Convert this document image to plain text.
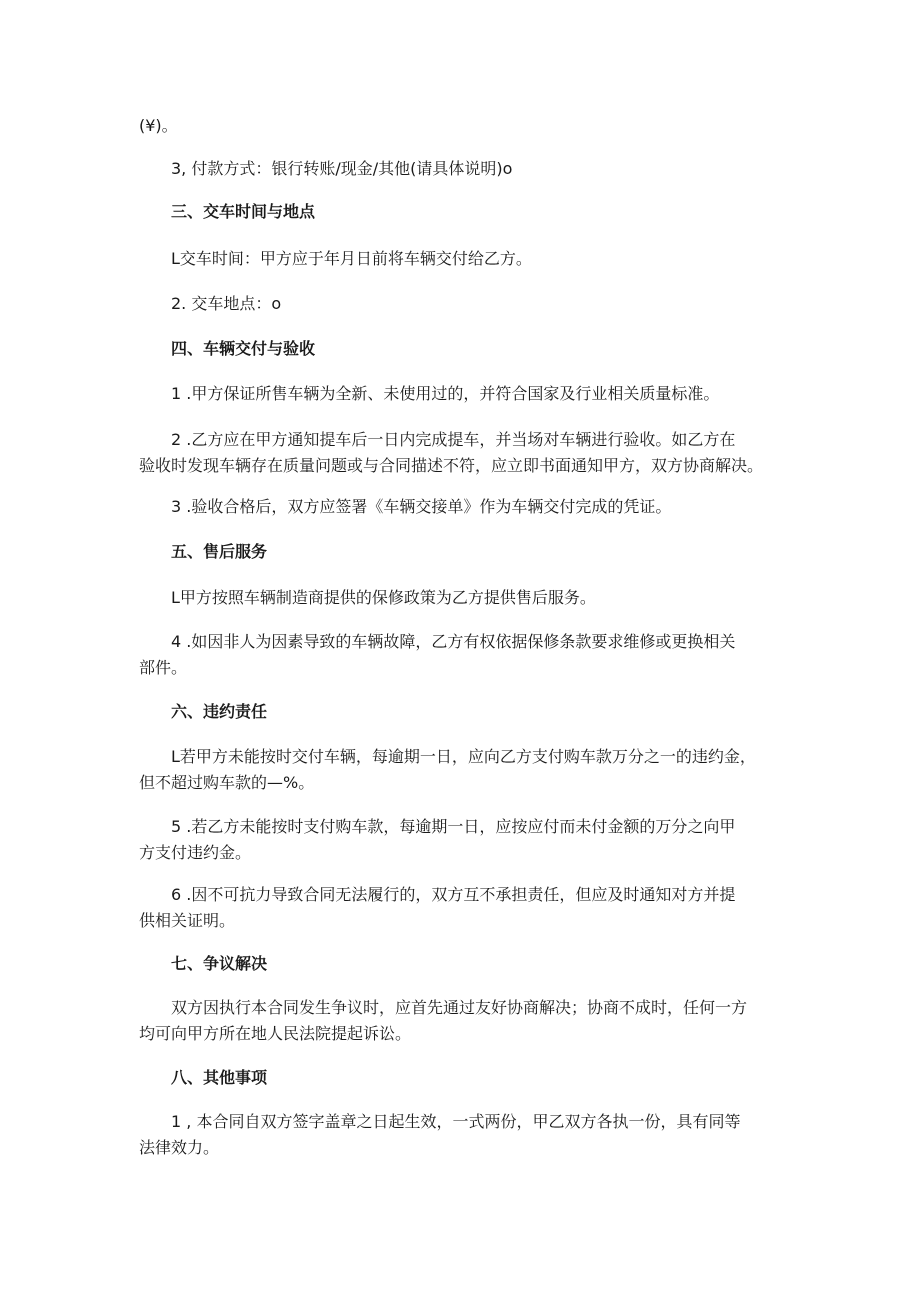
(¥)。
3, 付款方式：银行转账/现金/其他(请具体说明)o
三、交车时间与地点
L交车时间：甲方应于年月日前将车辆交付给乙方。
2. 交车地点：o
四、车辆交付与验收
1 .甲方保证所售车辆为全新、未使用过的，并符合国家及行业相关质量标准。
2 .乙方应在甲方通知提车后一日内完成提车，并当场对车辆进行验收。如乙方在
验收时发现车辆存在质量问题或与合同描述不符，应立即书面通知甲方，双方协商解决。
3 .验收合格后，双方应签署《车辆交接单》作为车辆交付完成的凭证。
五、售后服务
L甲方按照车辆制造商提供的保修政策为乙方提供售后服务。
4 .如因非人为因素导致的车辆故障，乙方有权依据保修条款要求维修或更换相关
部件。
六、违约责任
L若甲方未能按时交付车辆，每逾期一日，应向乙方支付购车款万分之一的违约金，
但不超过购车款的—%。
5 .若乙方未能按时支付购车款，每逾期一日，应按应付而未付金额的万分之向甲
方支付违约金。
6 .因不可抗力导致合同无法履行的，双方互不承担责任，但应及时通知对方并提
供相关证明。
七、争议解决
双方因执行本合同发生争议时，应首先通过友好协商解决；协商不成时，任何一方
均可向甲方所在地人民法院提起诉讼。
八、其他事项
1 , 本合同自双方签字盖章之日起生效，一式两份，甲乙双方各执一份，具有同等
法律效力。
